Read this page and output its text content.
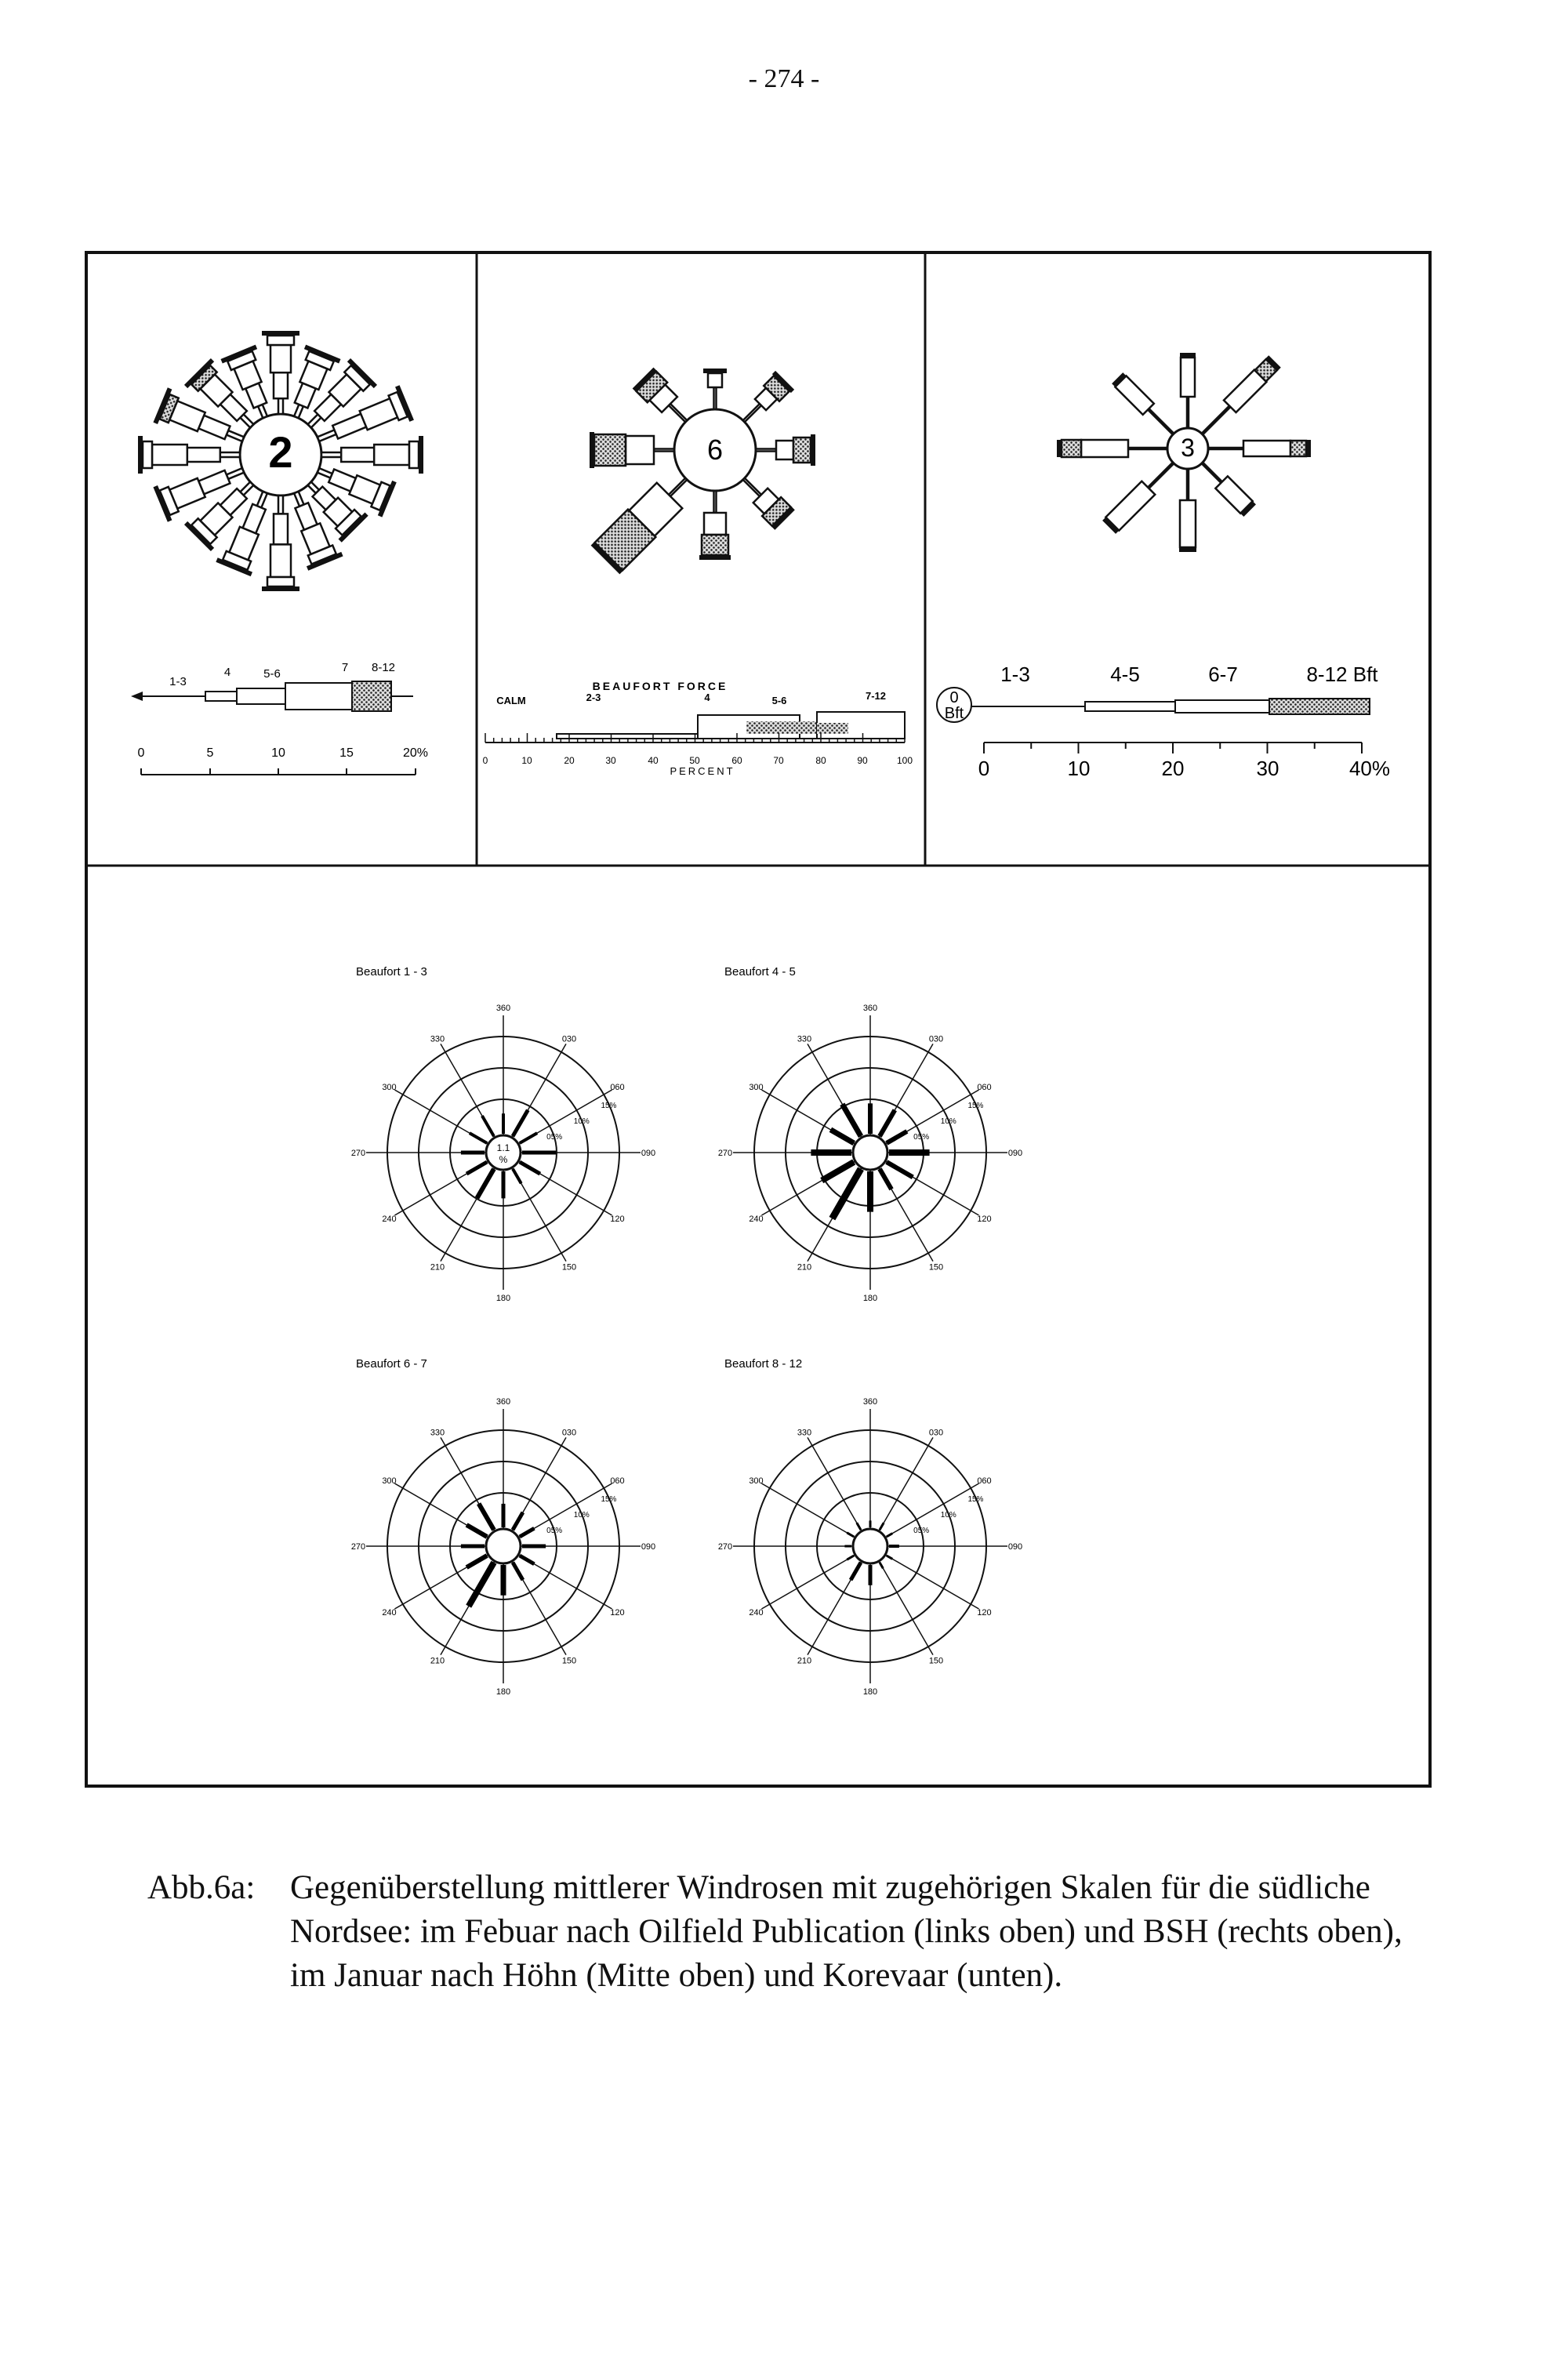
- 274 -
2
1-3
4	5-6	7 8-12
0	5	10	15	20%
6
BEAUFORT FORCE
CALM	2-3	4	5-6	7-12
0	10	20	30	40	50	60	70	80	90	100
PERCENT
3
1-3	4-5	6-7	8-12 Bft
0
Bft
0	10	20	30	40%
Beaufort 1 - 3
360
030
060
090
120
150
180
210
240
270
300
330
05%
10%
15%
1.1
%
Beaufort 4 - 5
360
030
060
090
120
150
180
210
240
270
300
330
05%
10%
15%
Beaufort 6 - 7
360
030
060
090
120
150
180
210
240
270
300
330
05%
10%
15%
Beaufort 8 - 12
360
030
060
090
120
150
180
210
240
270
300
330
05%
10%
15%
Abb.6a: Gegenüberstellung mittlerer Windrosen mit zugehörigen Skalen für die südliche

Nordsee: im Febuar nach Oilfield Publication (links oben) und BSH (rechts oben),

im Januar nach Höhn (Mitte oben) und Korevaar (unten).
